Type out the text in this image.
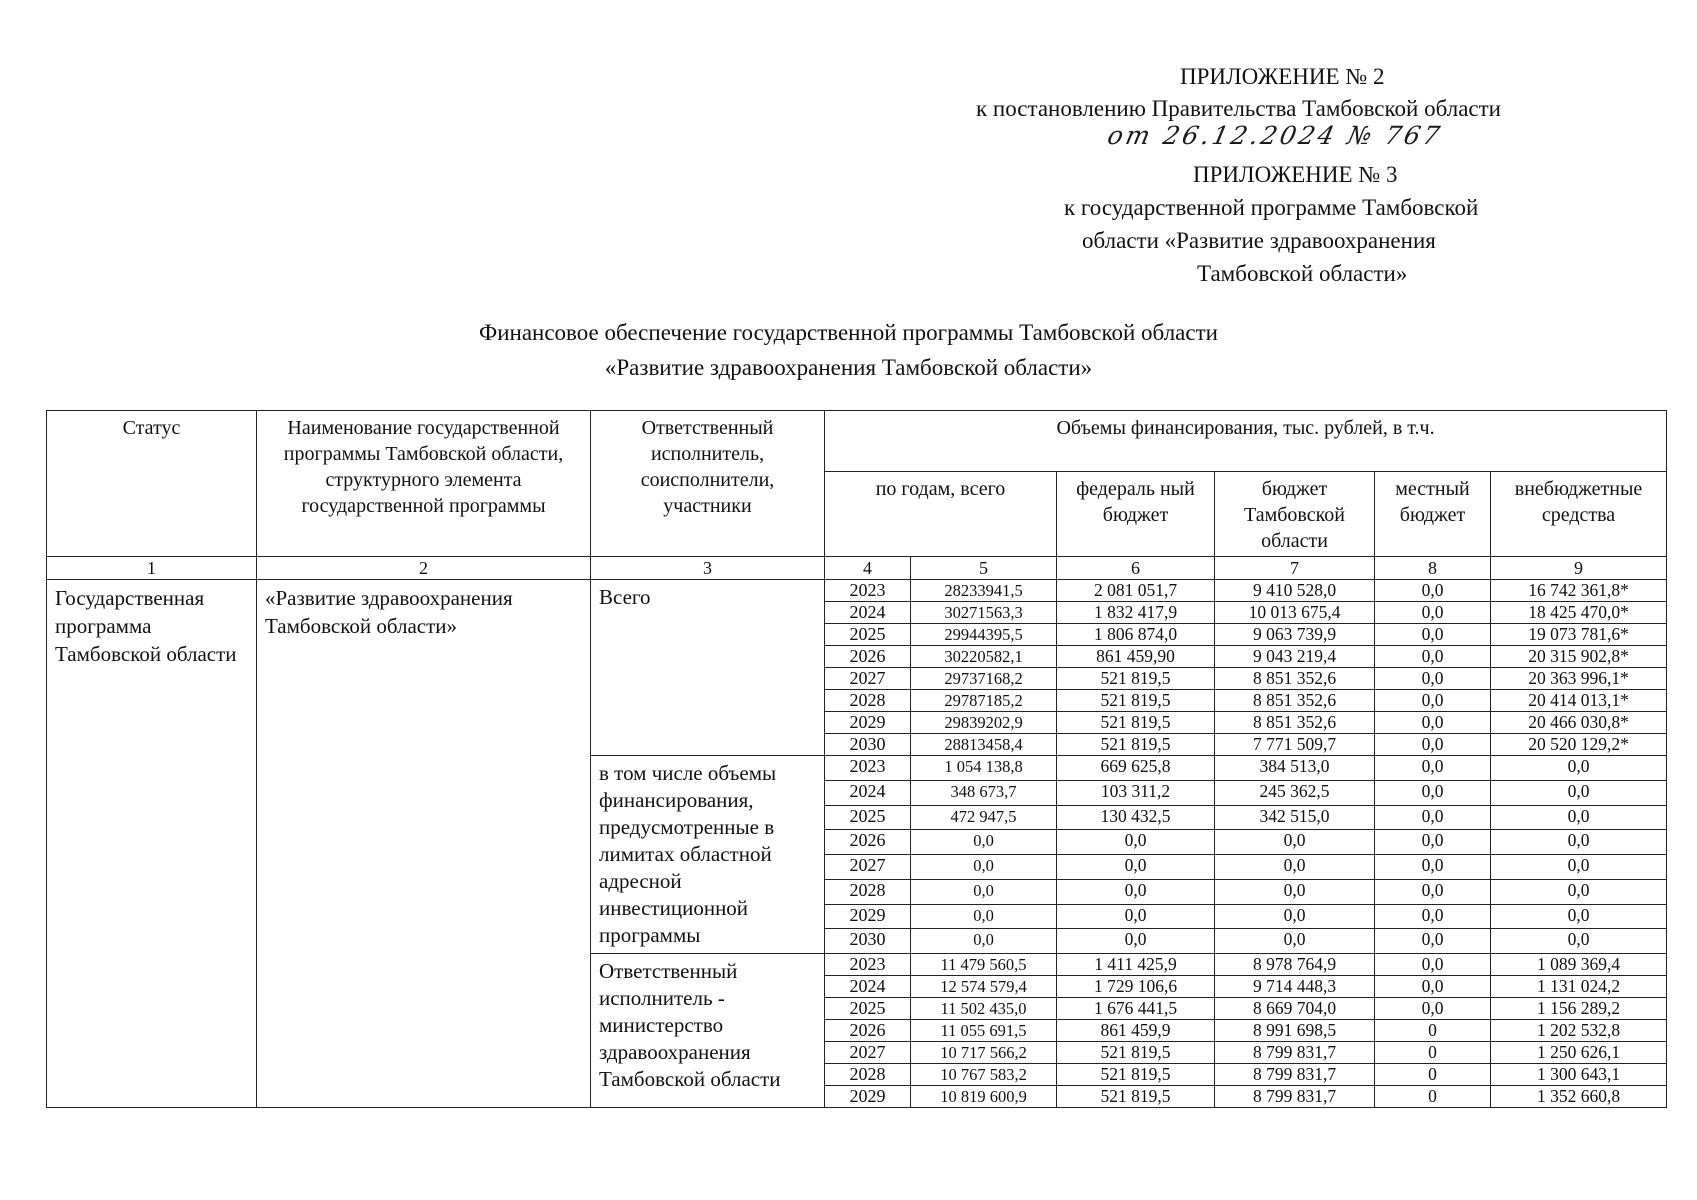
ПРИЛОЖЕНИЕ № 2
к постановлению Правительства Тамбовской области
от 26.12.2024 № 767
ПРИЛОЖЕНИЕ № 3
к государственной программе Тамбовской
области «Развитие здравоохранения
Тамбовской области»
Финансовое обеспечение государственной программы Тамбовской области
«Развитие здравоохранения Тамбовской области»
Статус	Наименование государственной программы Тамбовской области, структурного элемента государственной программы	Ответственный исполнитель, соисполнители, участники	Объемы финансирования, тыс. рублей, в т.ч.					
			по годам, всего		федераль ный бюджет	бюджет Тамбовской области	местный бюджет	внебюджетные средства
1	2	3	4	5	6	7	8	9
Государственная программа Тамбовской области	«Развитие здравоохранения Тамбовской области»	Всего	2023	28233941,5	2 081 051,7	9 410 528,0	0,0	16 742 361,8*
			2024	30271563,3	1 832 417,9	10 013 675,4	0,0	18 425 470,0*
			2025	29944395,5	1 806 874,0	9 063 739,9	0,0	19 073 781,6*
			2026	30220582,1	861 459,90	9 043 219,4	0,0	20 315 902,8*
			2027	29737168,2	521 819,5	8 851 352,6	0,0	20 363 996,1*
			2028	29787185,2	521 819,5	8 851 352,6	0,0	20 414 013,1*
			2029	29839202,9	521 819,5	8 851 352,6	0,0	20 466 030,8*
			2030	28813458,4	521 819,5	7 771 509,7	0,0	20 520 129,2*
		в том числе объемы финансирования, предусмотренные в лимитах областной адресной инвестиционной программы	2023	1 054 138,8	669 625,8	384 513,0	0,0	0,0
			2024	348 673,7	103 311,2	245 362,5	0,0	0,0
			2025	472 947,5	130 432,5	342 515,0	0,0	0,0
			2026	0,0	0,0	0,0	0,0	0,0
			2027	0,0	0,0	0,0	0,0	0,0
			2028	0,0	0,0	0,0	0,0	0,0
			2029	0,0	0,0	0,0	0,0	0,0
			2030	0,0	0,0	0,0	0,0	0,0
		Ответственный исполнитель - министерство здравоохранения Тамбовской области	2023	11 479 560,5	1 411 425,9	8 978 764,9	0,0	1 089 369,4
			2024	12 574 579,4	1 729 106,6	9 714 448,3	0,0	1 131 024,2
			2025	11 502 435,0	1 676 441,5	8 669 704,0	0,0	1 156 289,2
			2026	11 055 691,5	861 459,9	8 991 698,5	0	1 202 532,8
			2027	10 717 566,2	521 819,5	8 799 831,7	0	1 250 626,1
			2028	10 767 583,2	521 819,5	8 799 831,7	0	1 300 643,1
			2029	10 819 600,9	521 819,5	8 799 831,7	0	1 352 660,8
